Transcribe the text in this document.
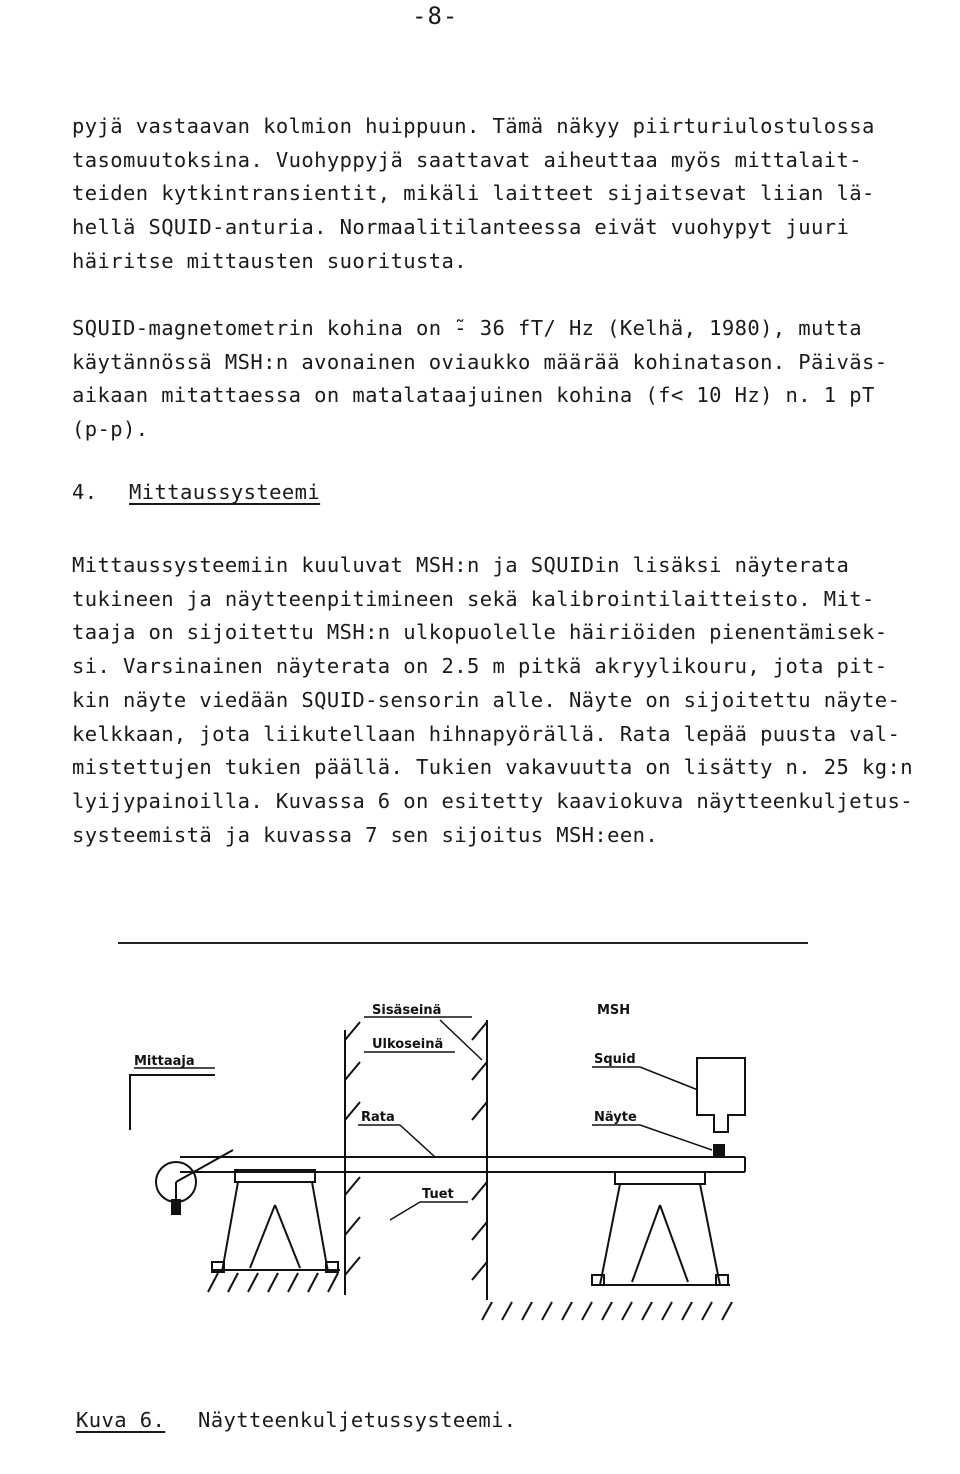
-8-
pyjä vastaavan kolmion huippuun. Tämä näkyy piirturiulostulossa
tasomuutoksina. Vuohyppyjä saattavat aiheuttaa myös mittalait-
teiden kytkintransientit, mikäli laitteet sijaitsevat liian lä-
hellä SQUID-anturia. Normaalitilanteessa eivät vuohypyt juuri
häiritse mittausten suoritusta.
SQUID-magnetometrin kohina on ̃- 36 fT/ Hz (Kelhä, 1980), mutta
käytännössä MSH:n avonainen oviaukko määrää kohinatason. Päiväs-
aikaan mitattaessa on matalataajuinen kohina (f< 10 Hz) n. 1 pT
(p-p).
4. Mittaussysteemi
Mittaussysteemiin kuuluvat MSH:n ja SQUIDin lisäksi näyterata
tukineen ja näytteenpitimineen sekä kalibrointilaitteisto. Mit-
taaja on sijoitettu MSH:n ulkopuolelle häiriöiden pienentämisek-
si. Varsinainen näyterata on 2.5 m pitkä akryylikouru, jota pit-
kin näyte viedään SQUID-sensorin alle. Näyte on sijoitettu näyte-
kelkkaan, jota liikutellaan hihnapyörällä. Rata lepää puusta val-
mistettujen tukien päällä. Tukien vakavuutta on lisätty n. 25 kg:n
lyijypainoilla. Kuvassa 6 on esitetty kaaviokuva näytteenkuljetus-
systeemistä ja kuvassa 7 sen sijoitus MSH:een.
Sisäseinä	MSH
Ulkoseinä
Mittaaja	Squid
Rata	Näyte
Tuet
Kuva 6. Näytteenkuljetussysteemi.
